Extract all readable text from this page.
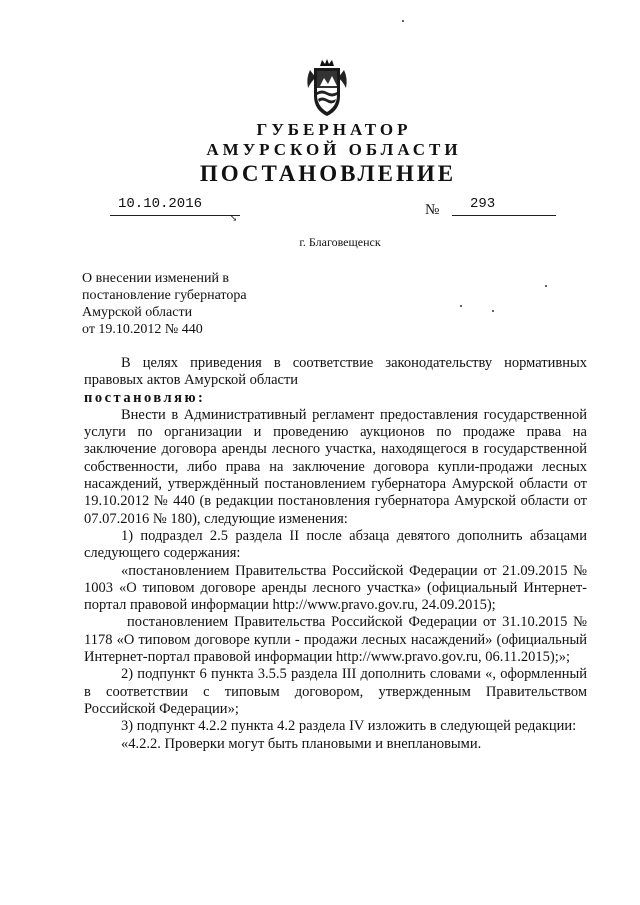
ГУБЕРНАТОР
АМУРСКОЙ ОБЛАСТИ
ПОСТАНОВЛЕНИЕ
10.10.2016
↘
№ 293
г. Благовещенск
О внесении изменений в
постановление губернатора
Амурской области
от 19.10.2012 № 440

В целях приведения в соответствие законодательству нормативных правовых актов Амурской области

постановляю:

Внести в Административный регламент предоставления государственной услуги по организации и проведению аукционов по продаже права на заключение договора аренды лесного участка, находящегося в государственной собственности, либо права на заключение договора купли-продажи лесных насаждений, утверждённый постановлением губернатора Амурской области от 19.10.2012 № 440 (в редакции постановления губернатора Амурской области от 07.07.2016 № 180), следующие изменения:

1) подраздел 2.5 раздела II после абзаца девятого дополнить абзацами следующего содержания:

«постановлением Правительства Российской Федерации от 21.09.2015 № 1003 «О типовом договоре аренды лесного участка» (официальный Интернет-портал правовой информации http://www.pravo.gov.ru, 24.09.2015);

постановлением Правительства Российской Федерации от 31.10.2015 № 1178 «О типовом договоре купли - продажи лесных насаждений» (официальный Интернет-портал правовой информации http://www.pravo.gov.ru, 06.11.2015);»;

2) подпункт 6 пункта 3.5.5 раздела III дополнить словами «, оформленный в соответствии с типовым договором, утвержденным Правительством Российской Федерации»;

3) подпункт 4.2.2 пункта 4.2 раздела IV изложить в следующей редакции:

«4.2.2. Проверки могут быть плановыми и внеплановыми.
